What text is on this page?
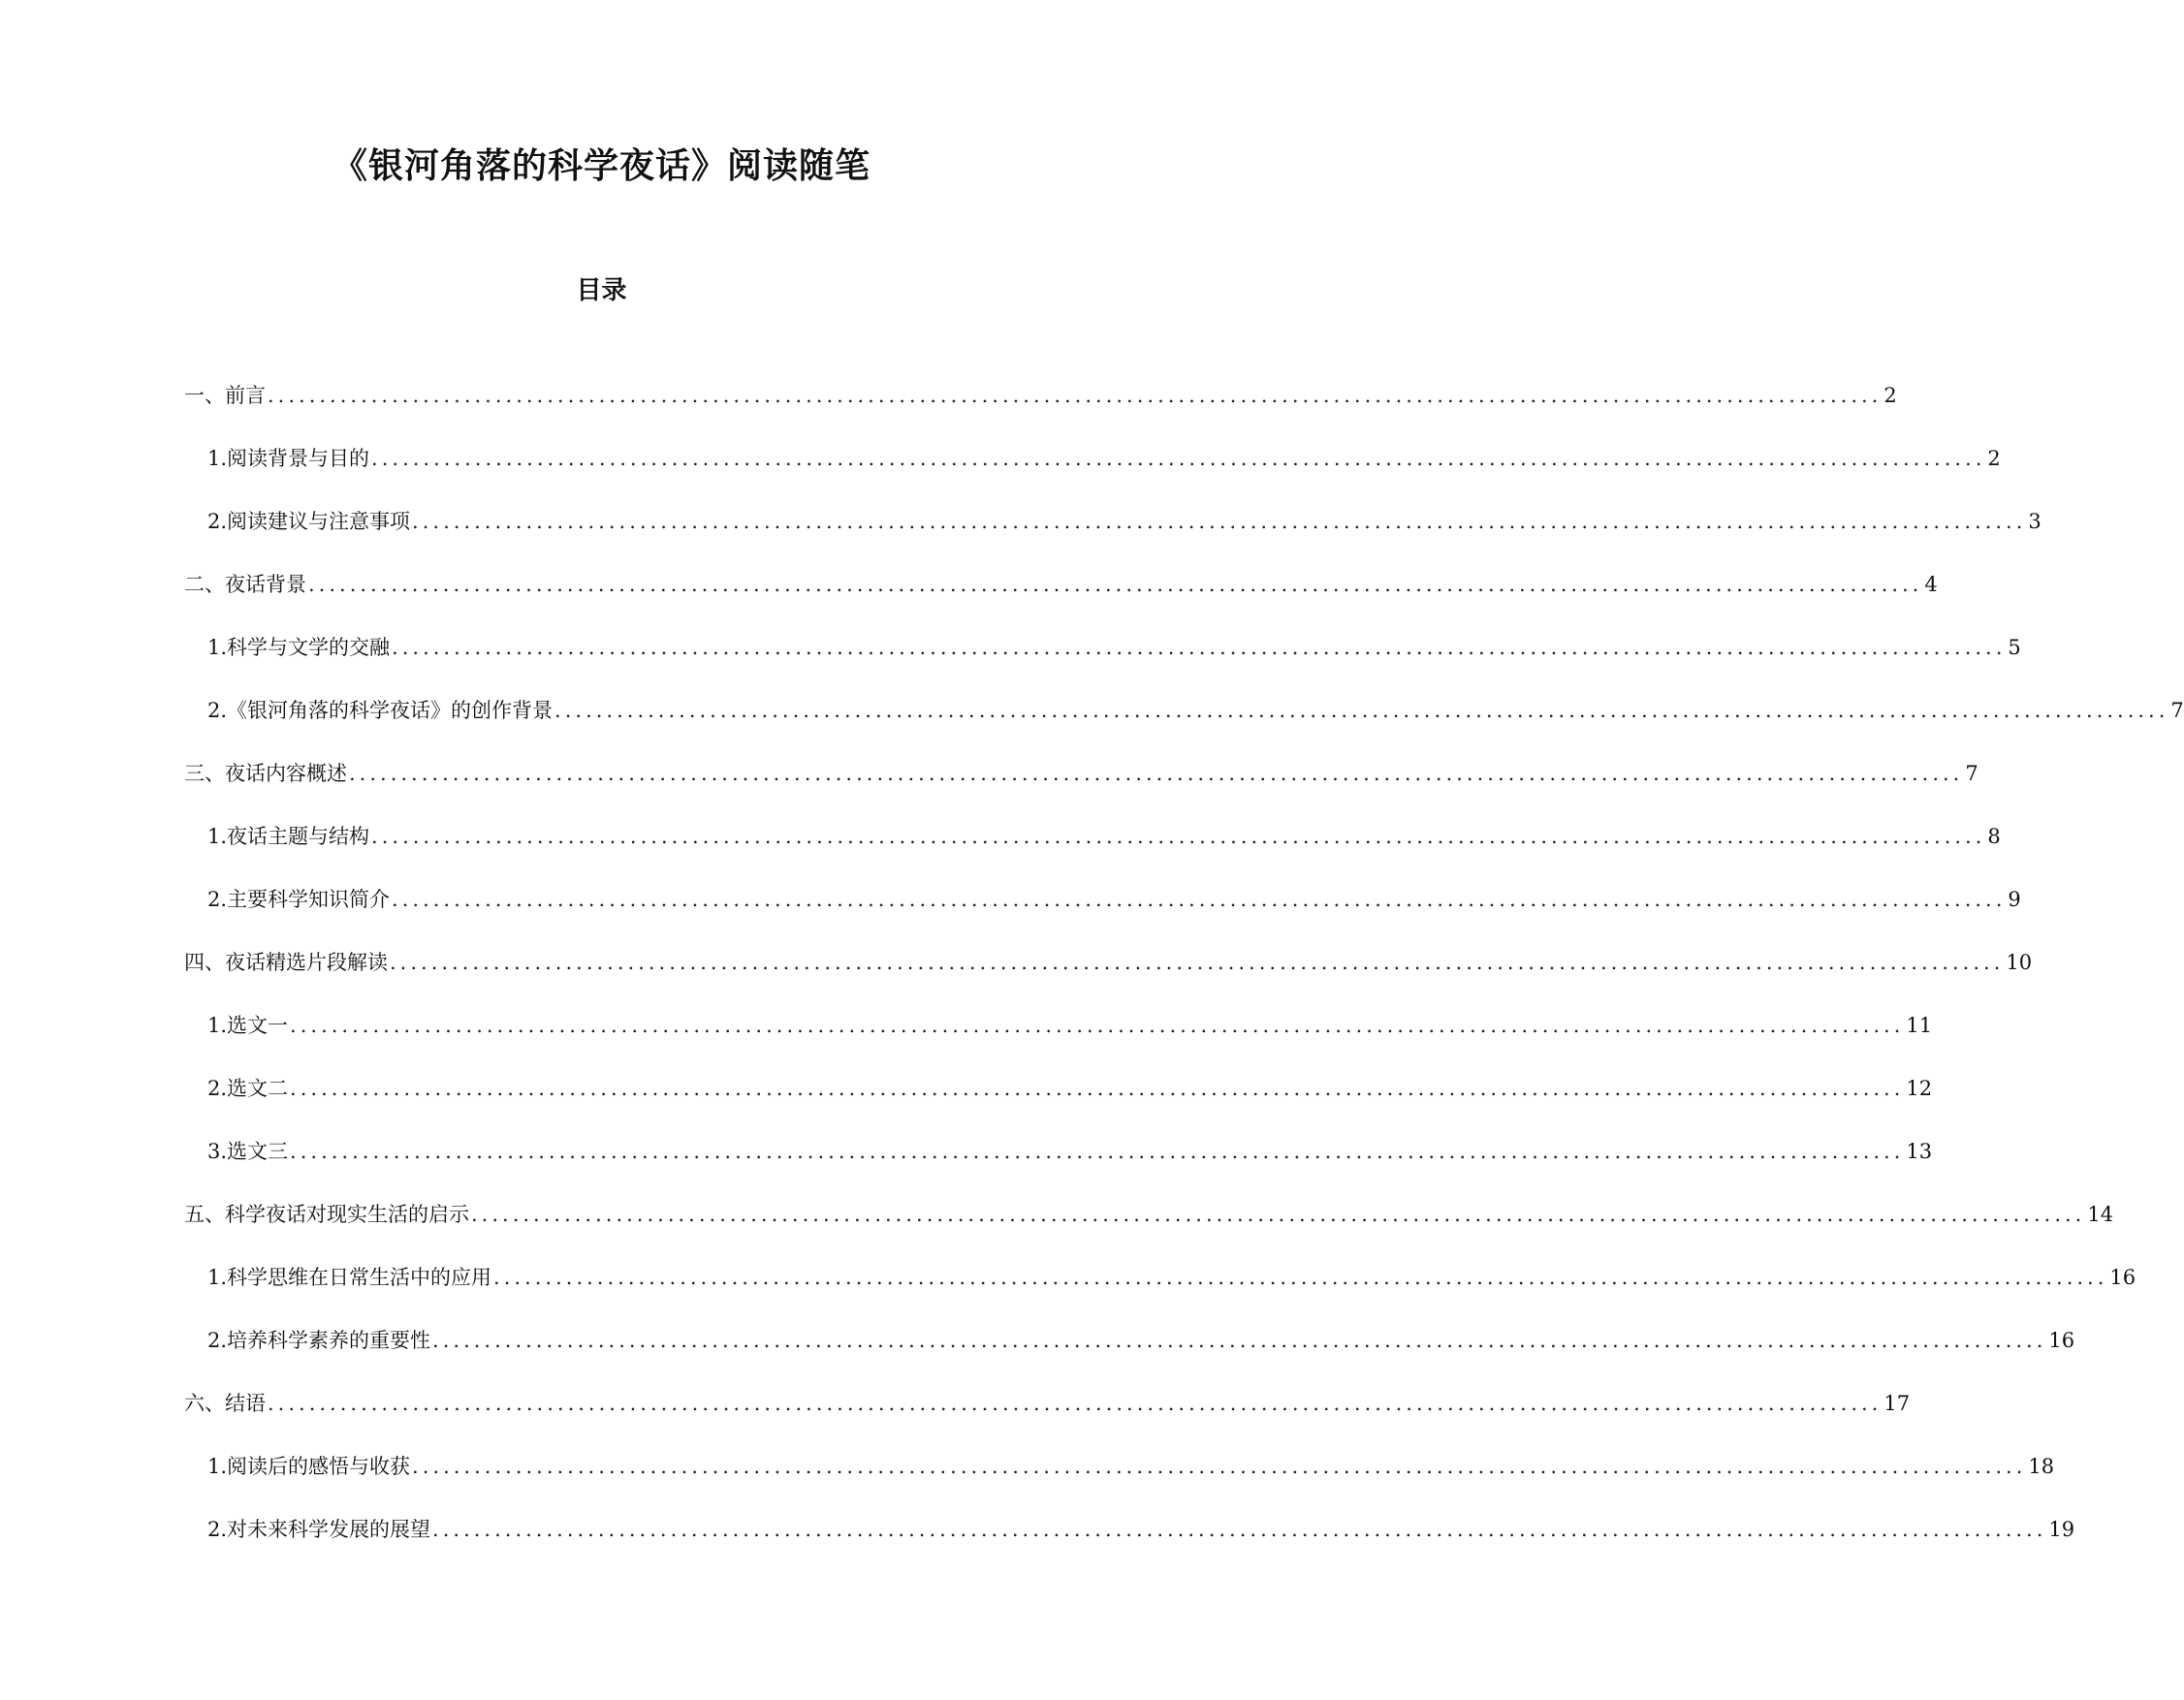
《银河角落的科学夜话》阅读随笔
目录
一、前言 ............................................................................................................................................................ 2
1. 阅读背景与目的 ............................................................................................................................................................ 2
2. 阅读建议与注意事项 ............................................................................................................................................................ 3
二、夜话背景 ............................................................................................................................................................ 4
1. 科学与文学的交融 ............................................................................................................................................................ 5
2. 《银河角落的科学夜话》的创作背景 ............................................................................................................................................................ 7
三、夜话内容概述 ............................................................................................................................................................ 7
1. 夜话主题与结构 ............................................................................................................................................................ 8
2. 主要科学知识简介 ............................................................................................................................................................ 9
四、夜话精选片段解读 ............................................................................................................................................................ 10
1. 选文一 ............................................................................................................................................................ 11
2. 选文二 ............................................................................................................................................................ 12
3. 选文三 ............................................................................................................................................................ 13
五、科学夜话对现实生活的启示 ............................................................................................................................................................ 14
1. 科学思维在日常生活中的应用 ............................................................................................................................................................ 16
2. 培养科学素养的重要性 ............................................................................................................................................................ 16
六、结语 ............................................................................................................................................................ 17
1. 阅读后的感悟与收获 ............................................................................................................................................................ 18
2. 对未来科学发展的展望 ............................................................................................................................................................ 19
